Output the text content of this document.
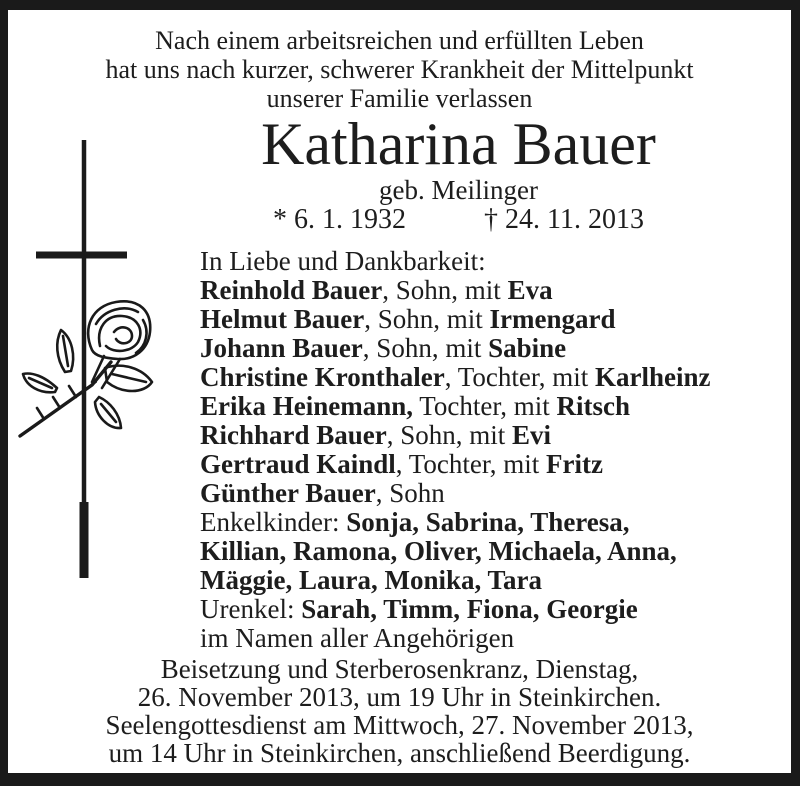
Nach einem arbeitsreichen und erfüllten Leben
hat uns nach kurzer, schwerer Krankheit der Mittelpunkt
unserer Familie verlassen
Katharina Bauer
geb. Meilinger
* 6. 1. 1932	† 24. 11. 2013
In Liebe und Dankbarkeit:
Reinhold Bauer, Sohn, mit Eva
Helmut Bauer, Sohn, mit Irmengard
Johann Bauer, Sohn, mit Sabine
Christine Kronthaler, Tochter, mit Karlheinz
Erika Heinemann, Tochter, mit Ritsch
Richhard Bauer, Sohn, mit Evi
Gertraud Kaindl, Tochter, mit Fritz
Günther Bauer, Sohn
Enkelkinder: Sonja, Sabrina, Theresa,
Killian, Ramona, Oliver, Michaela, Anna,
Mäggie, Laura, Monika, Tara
Urenkel: Sarah, Timm, Fiona, Georgie
im Namen aller Angehörigen
Beisetzung und Sterberosenkranz, Dienstag,
26. November 2013, um 19 Uhr in Steinkirchen.
Seelengottesdienst am Mittwoch, 27. November 2013,
um 14 Uhr in Steinkirchen, anschließend Beerdigung.
